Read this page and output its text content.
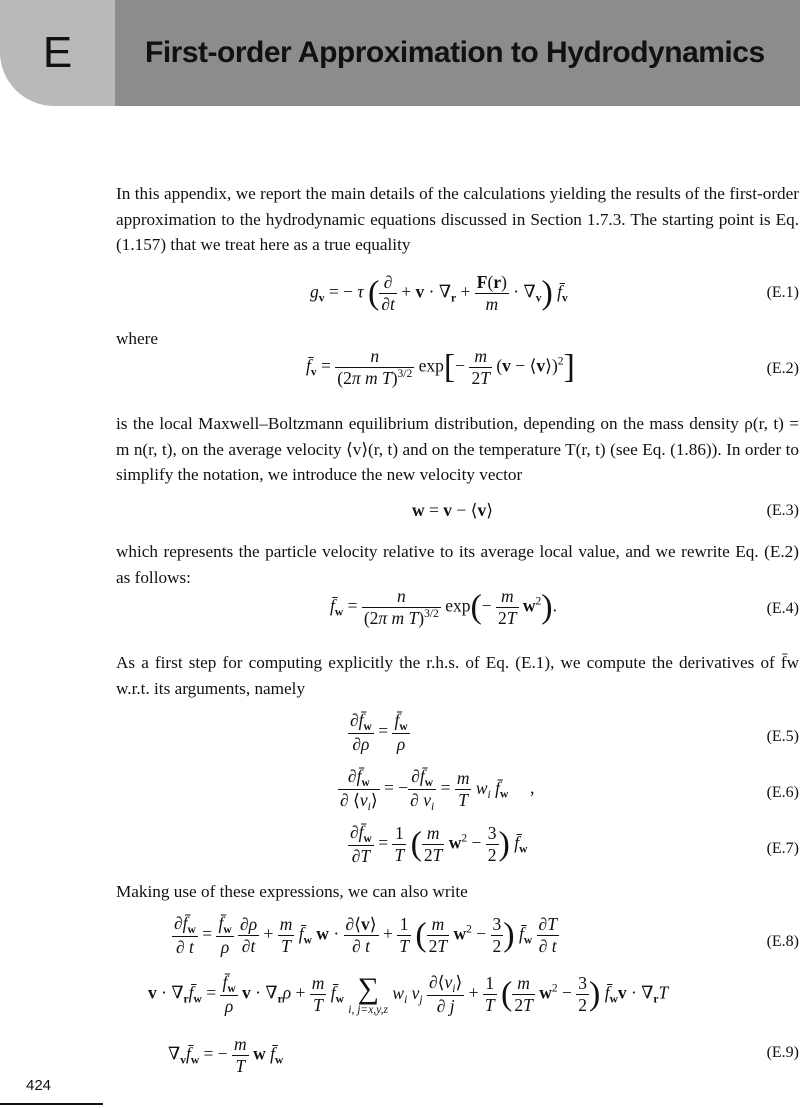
E	First-order Approximation to Hydrodynamics

In this appendix, we report the main details of the calculations yielding the results of the first-order approximation to the hydrodynamic equations discussed in Section 1.7.3. The starting point is Eq. (1.157) that we treat here as a true equality

$g_v$ = − τ ( $\frac{\partial}{\partial t} + v \cdot \nabla_r + \frac{F(r)}{m} \cdot \nabla_v$) $f̄_v$	(E.1)

where

$f̄_v = \frac{n}{(2\pi m T)^{3/2}} \exp[- \frac{m}{2T} (v$ − ⟨v⟩)$^2$]	(E.2)

is the local Maxwell–Boltzmann equilibrium distribution, depending on the mass density ρ(r, t) = m n(r, t), on the average velocity ⟨v⟩(r, t) and on the temperature T(r, t) (see Eq. (1.86)). In order to simplify the notation, we introduce the new velocity vector

w = v − ⟨v⟩	(E.3)

which represents the particle velocity relative to its average local value, and we rewrite Eq. (E.2) as follows:

$f̄_w = \frac{n}{(2\pi m T)^{3/2}} \exp(- \frac{m}{2T} w^2)$.	(E.4)

As a first step for computing explicitly the r.h.s. of Eq. (E.1), we compute the derivatives of f̄w w.r.t. its arguments, namely

$\frac{\partial f̄_w}{\partial\rho} = \frac{f̄_w}{\rho}$	(E.5)
$\frac{\partial f̄_w}{\partial ⟨v_i⟩}$ = − $\frac{\partial f̄_w}{\partial v_i} = \frac{m}{T} w_i$ $f̄_w$     ,	(E.6)
$\frac{\partial f̄_w}{\partial T} = \frac{1}{T}$ ( $\frac{m}{2T} w^2 - \frac{3}{2}$ ) $f̄_w$	(E.7)

Making use of these expressions, we can also write

$\frac{\partial f̄_w}{\partial t} = \frac{f̄_w}{\rho}$
$\frac{\partial\rho}{\partial t} + \frac{m}{T}$ $f̄_w$ $w \cdot \frac{\partial⟨v⟩}{\partial t} + \frac{1}{T}$ ( $\frac{m}{2T} w^2 - \frac{3}{2}$ ) $f̄_w \frac{\partial T}{\partial t}$	(E.8)
$v \cdot \nabla_rf̄_w = \frac{f̄_w}{\rho}$ $v \cdot \nabla_r\rho + \frac{m}{T}$ $f̄_w$ ∑
i, j=x,y,z
$w_i$ $v_j \frac{\partial⟨v_i⟩}{\partial j} + \frac{1}{T}$ ( $\frac{m}{2T} w^2 - \frac{3}{2}$ ) $f̄_wv \cdot \nabla_rT$
$\nabla_vf̄_w$ = − $\frac{m}{T}$ w $f̄_w$	(E.9)
424
